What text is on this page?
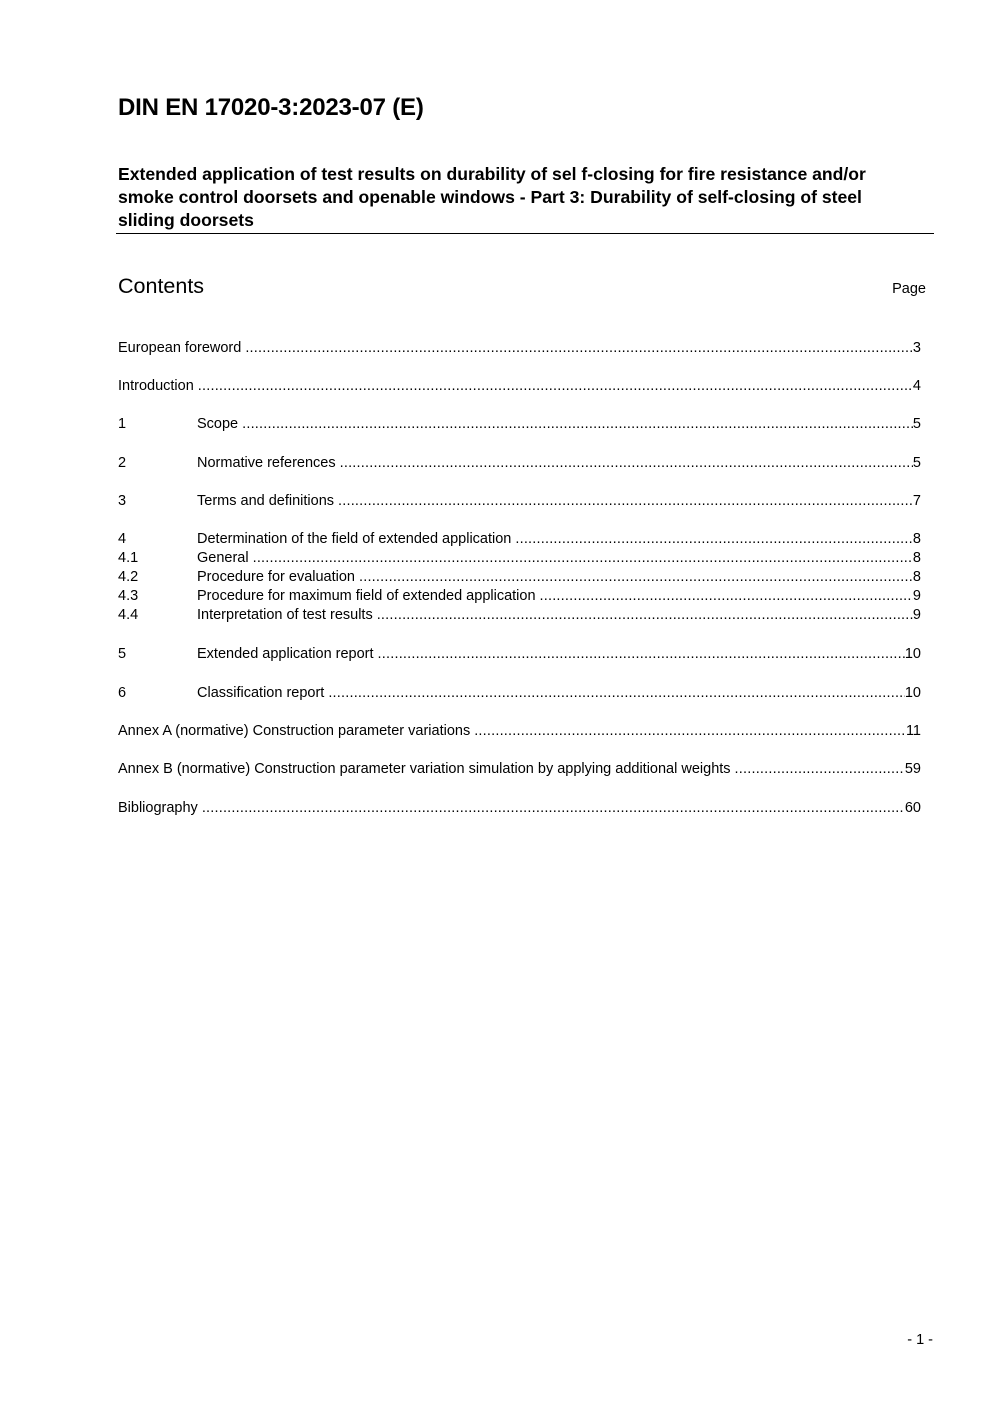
DIN EN 17020-3:2023-07 (E)
Extended application of test results on durability of sel f-closing for fire resistance and/or smoke control doorsets and openable windows - Part 3: Durability of self-closing of steel sliding doorsets
Contents	Page
European foreword .....	3
Introduction .....	4
1	Scope .....	5
2	Normative references .....	5
3	Terms and definitions .....	7
4	Determination of the field of extended application .....	8
4.1	General .....	8
4.2	Procedure for evaluation .....	8
4.3	Procedure for maximum field of extended application .....	9
4.4	Interpretation of test results .....	9
5	Extended application report .....	10
6	Classification report .....	10
Annex A (normative) Construction parameter variations .....	11
Annex B (normative) Construction parameter variation simulation by applying additional weights .....	59
Bibliography .....	60
- 1 -
